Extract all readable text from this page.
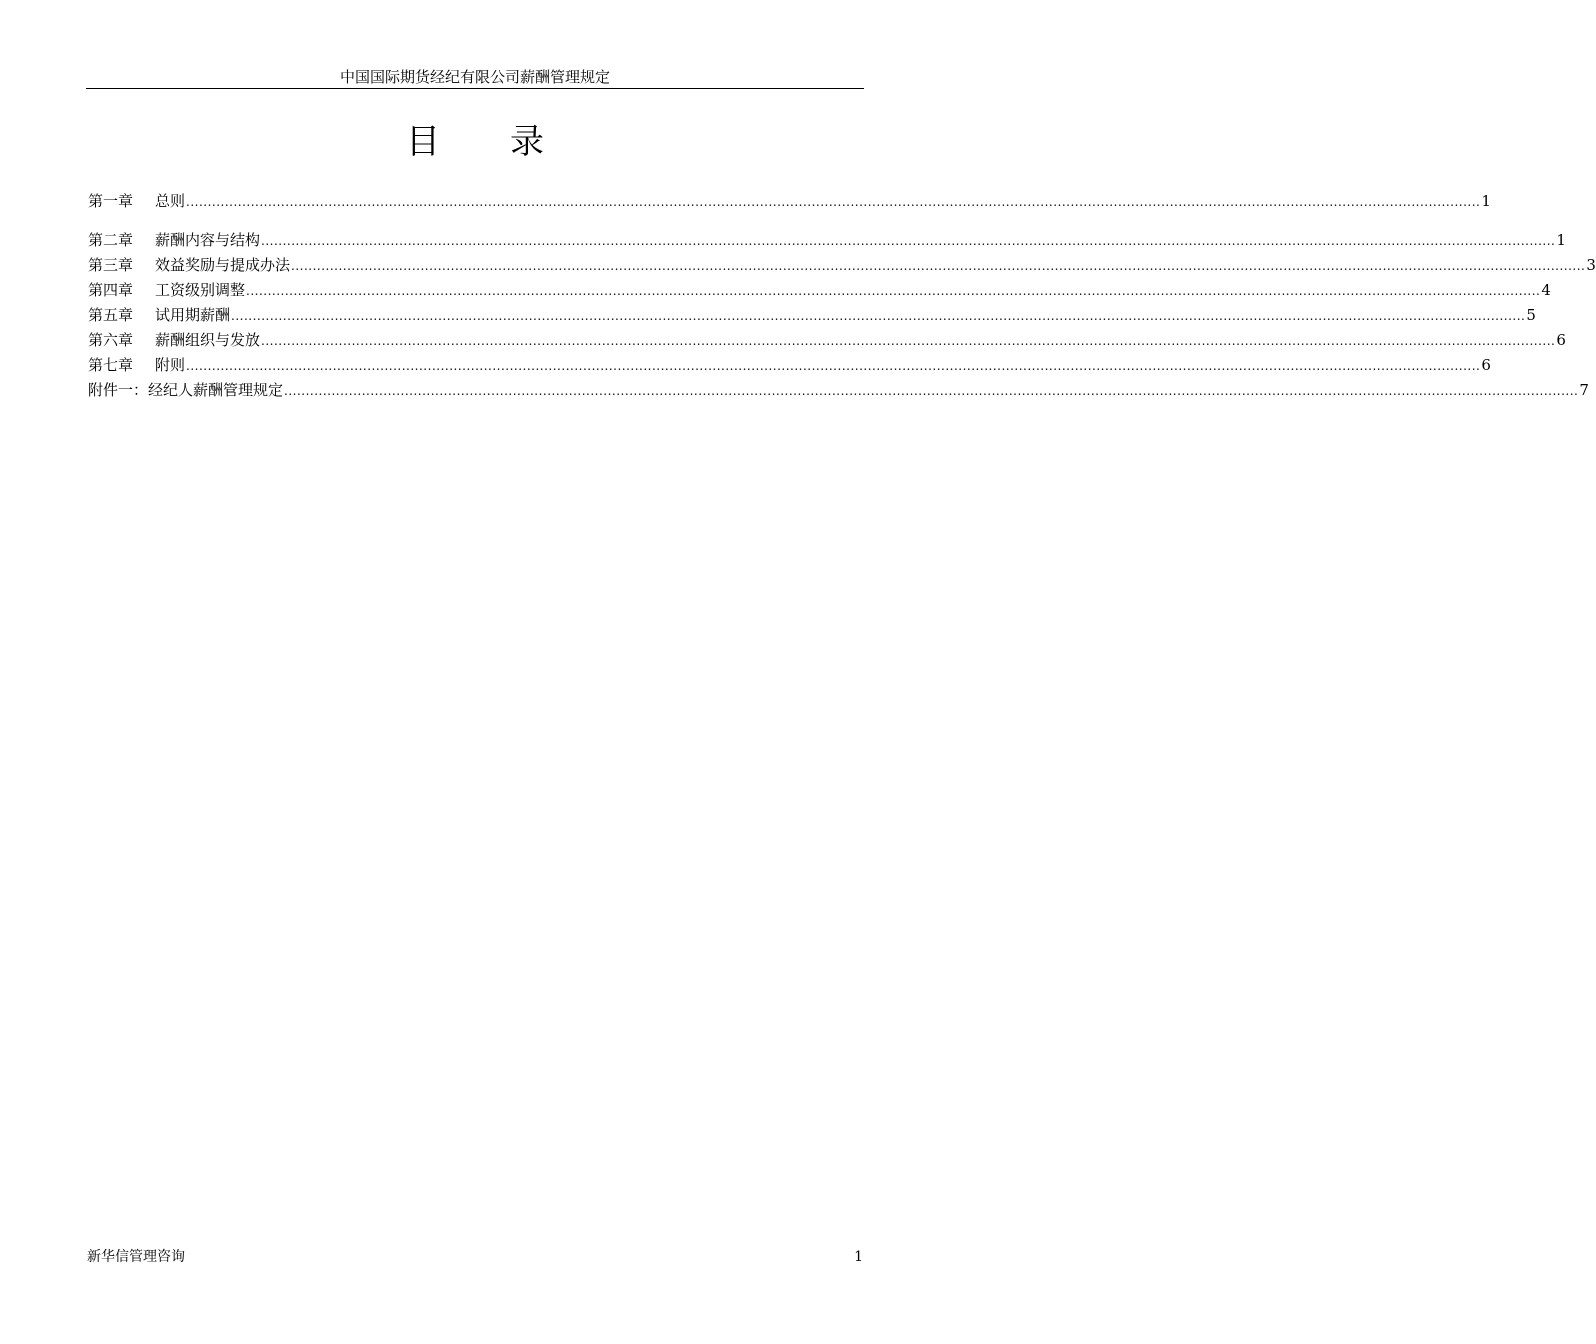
中国国际期货经纪有限公司薪酬管理规定
目 录
第一章	总则 ............................................................................................................................................................................................................................................................................................................ 1
第二章	薪酬内容与结构 ............................................................................................................................................................................................................................................................................................................ 1
第三章	效益奖励与提成办法 ............................................................................................................................................................................................................................................................................................................ 3
第四章	工资级别调整 ............................................................................................................................................................................................................................................................................................................ 4
第五章	试用期薪酬 ............................................................................................................................................................................................................................................................................................................ 5
第六章	薪酬组织与发放 ............................................................................................................................................................................................................................................................................................................ 6
第七章	附则 ............................................................................................................................................................................................................................................................................................................ 6
附件一： 经纪人薪酬管理规定 ............................................................................................................................................................................................................................................................................................................ 7
新华信管理咨询	1
